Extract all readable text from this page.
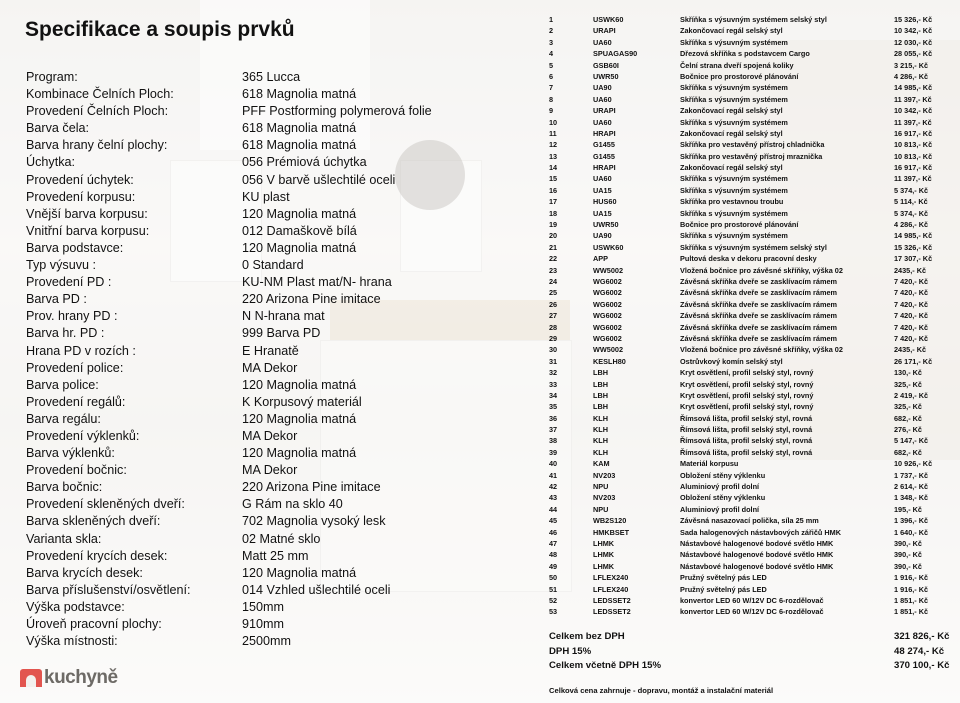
Specifikace a soupis prvků
Program:	365 Lucca
Kombinace Čelních Ploch:	618 Magnolia matná
Provedení Čelních Ploch:	PFF Postforming polymerová folie
Barva čela:	618 Magnolia matná
Barva hrany čelní plochy:	618 Magnolia matná
Úchytka:	056 Prémiová úchytka
Provedení úchytek:	056 V barvě ušlechtilé oceli
Provedení korpusu:	KU plast
Vnější barva korpusu:	120 Magnolia matná
Vnitřní barva korpusu:	012 Damaškově bílá
Barva podstavce:	120 Magnolia matná
Typ výsuvu :	0 Standard
Provedení PD :	KU-NM Plast mat/N- hrana
Barva PD :	220 Arizona Pine imitace
Prov. hrany PD :	N N-hrana mat
Barva hr. PD :	999 Barva PD
Hrana PD v rozích :	E Hranatě
Provedení police:	MA Dekor
Barva police:	120 Magnolia matná
Provedení regálů:	K Korpusový materiál
Barva regálu:	120 Magnolia matná
Provedení výklenků:	MA Dekor
Barva výklenků:	120 Magnolia matná
Provedení bočnic:	MA Dekor
Barva bočnic:	220 Arizona Pine imitace
Provedení skleněných dveří:	G Rám na sklo 40
Barva skleněných dveří:	702 Magnolia vysoký lesk
Varianta skla:	02 Matné sklo
Provedení krycích desek:	Matt 25 mm
Barva krycích desek:	120 Magnolia matná
Barva příslušenství/osvětlení:	014 Vzhled ušlechtilé oceli
Výška podstavce:	150mm
Úroveň pracovní plochy:	910mm
Výška místnosti:	2500mm
1	USWK60	Skříňka s výsuvným systémem selský styl	15 326,- Kč
2	URAPI	Zakončovací regál selský styl	10 342,- Kč
3	UA60	Skříňka s výsuvným systémem	12 030,- Kč
4	SPUAGAS90	Dřezová skříňka s podstavcem Cargo	28 055,- Kč
5	GSB60I	Čelní strana dveří spojená koliky	3 215,- Kč
6	UWR50	Bočnice pro prostorové plánování	4 286,- Kč
7	UA90	Skříňka s výsuvným systémem	14 985,- Kč
8	UA60	Skříňka s výsuvným systémem	11 397,- Kč
9	URAPI	Zakončovací regál selský styl	10 342,- Kč
10	UA60	Skříňka s výsuvným systémem	11 397,- Kč
11	HRAPI	Zakončovací regál selský styl	16 917,- Kč
12	G1455	Skříňka pro vestavěný přístroj chladnička	10 813,- Kč
13	G1455	Skříňka pro vestavěný přístroj mraznička	10 813,- Kč
14	HRAPI	Zakončovací regál selský styl	16 917,- Kč
15	UA60	Skříňka s výsuvným systémem	11 397,- Kč
16	UA15	Skříňka s výsuvným systémem	5 374,- Kč
17	HUS60	Skříňka pro vestavnou troubu	5 114,- Kč
18	UA15	Skříňka s výsuvným systémem	5 374,- Kč
19	UWR50	Bočnice pro prostorové plánování	4 286,- Kč
20	UA90	Skříňka s výsuvným systémem	14 985,- Kč
21	USWK60	Skříňka s výsuvným systémem selský styl	15 326,- Kč
22	APP	Pultová deska v dekoru pracovní desky	17 307,- Kč
23	WW5002	Vložená bočnice pro závěsné skříňky, výška 02	2435,- Kč
24	WG6002	Závěsná skříňka dveře se zasklívacím rámem	7 420,- Kč
25	WG6002	Závěsná skříňka dveře se zasklívacím rámem	7 420,- Kč
26	WG6002	Závěsná skříňka dveře se zasklívacím rámem	7 420,- Kč
27	WG6002	Závěsná skříňka dveře se zasklívacím rámem	7 420,- Kč
28	WG6002	Závěsná skříňka dveře se zasklívacím rámem	7 420,- Kč
29	WG6002	Závěsná skříňka dveře se zasklívacím rámem	7 420,- Kč
30	WW5002	Vložená bočnice pro závěsné skříňky, výška 02	2435,- Kč
31	KESLH80	Ostrůvkový komín selský styl	26 171,- Kč
32	LBH	Kryt osvětlení, profil selský styl, rovný	130,- Kč
33	LBH	Kryt osvětlení, profil selský styl, rovný	325,- Kč
34	LBH	Kryt osvětlení, profil selský styl, rovný	2 419,- Kč
35	LBH	Kryt osvětlení, profil selský styl, rovný	325,- Kč
36	KLH	Římsová lišta, profil selský styl, rovná	682,- Kč
37	KLH	Římsová lišta, profil selský styl, rovná	276,- Kč
38	KLH	Římsová lišta, profil selský styl, rovná	5 147,- Kč
39	KLH	Římsová lišta, profil selský styl, rovná	682,- Kč
40	KAM	Materiál korpusu	10 926,- Kč
41	NV203	Obložení stěny výklenku	1 737,- Kč
42	NPU	Aluminiový profil dolní	2 614,- Kč
43	NV203	Obložení stěny výklenku	1 348,- Kč
44	NPU	Aluminiový profil dolní	195,- Kč
45	WB2S120	Závěsná nasazovací polička, síla 25 mm	1 396,- Kč
46	HMKBSET	Sada halogenových nástavbových zářičů HMK	1 640,- Kč
47	LHMK	Nástavbové halogenové bodové světlo HMK	390,- Kč
48	LHMK	Nástavbové halogenové bodové světlo HMK	390,- Kč
49	LHMK	Nástavbové halogenové bodové světlo HMK	390,- Kč
50	LFLEX240	Pružný světelný pás LED	1 916,- Kč
51	LFLEX240	Pružný světelný pás LED	1 916,- Kč
52	LEDSSET2	konvertor LED 60 W/12V DC 6-rozdělovač	1 851,- Kč
53	LEDSSET2	konvertor LED 60 W/12V DC 6-rozdělovač	1 851,- Kč
Celkem bez DPH	321 826,- Kč
DPH 15%	48 274,- Kč
Celkem včetně DPH 15%	370 100,- Kč
Celková cena zahrnuje - dopravu, montáž a instalační materiál
kuchyně
